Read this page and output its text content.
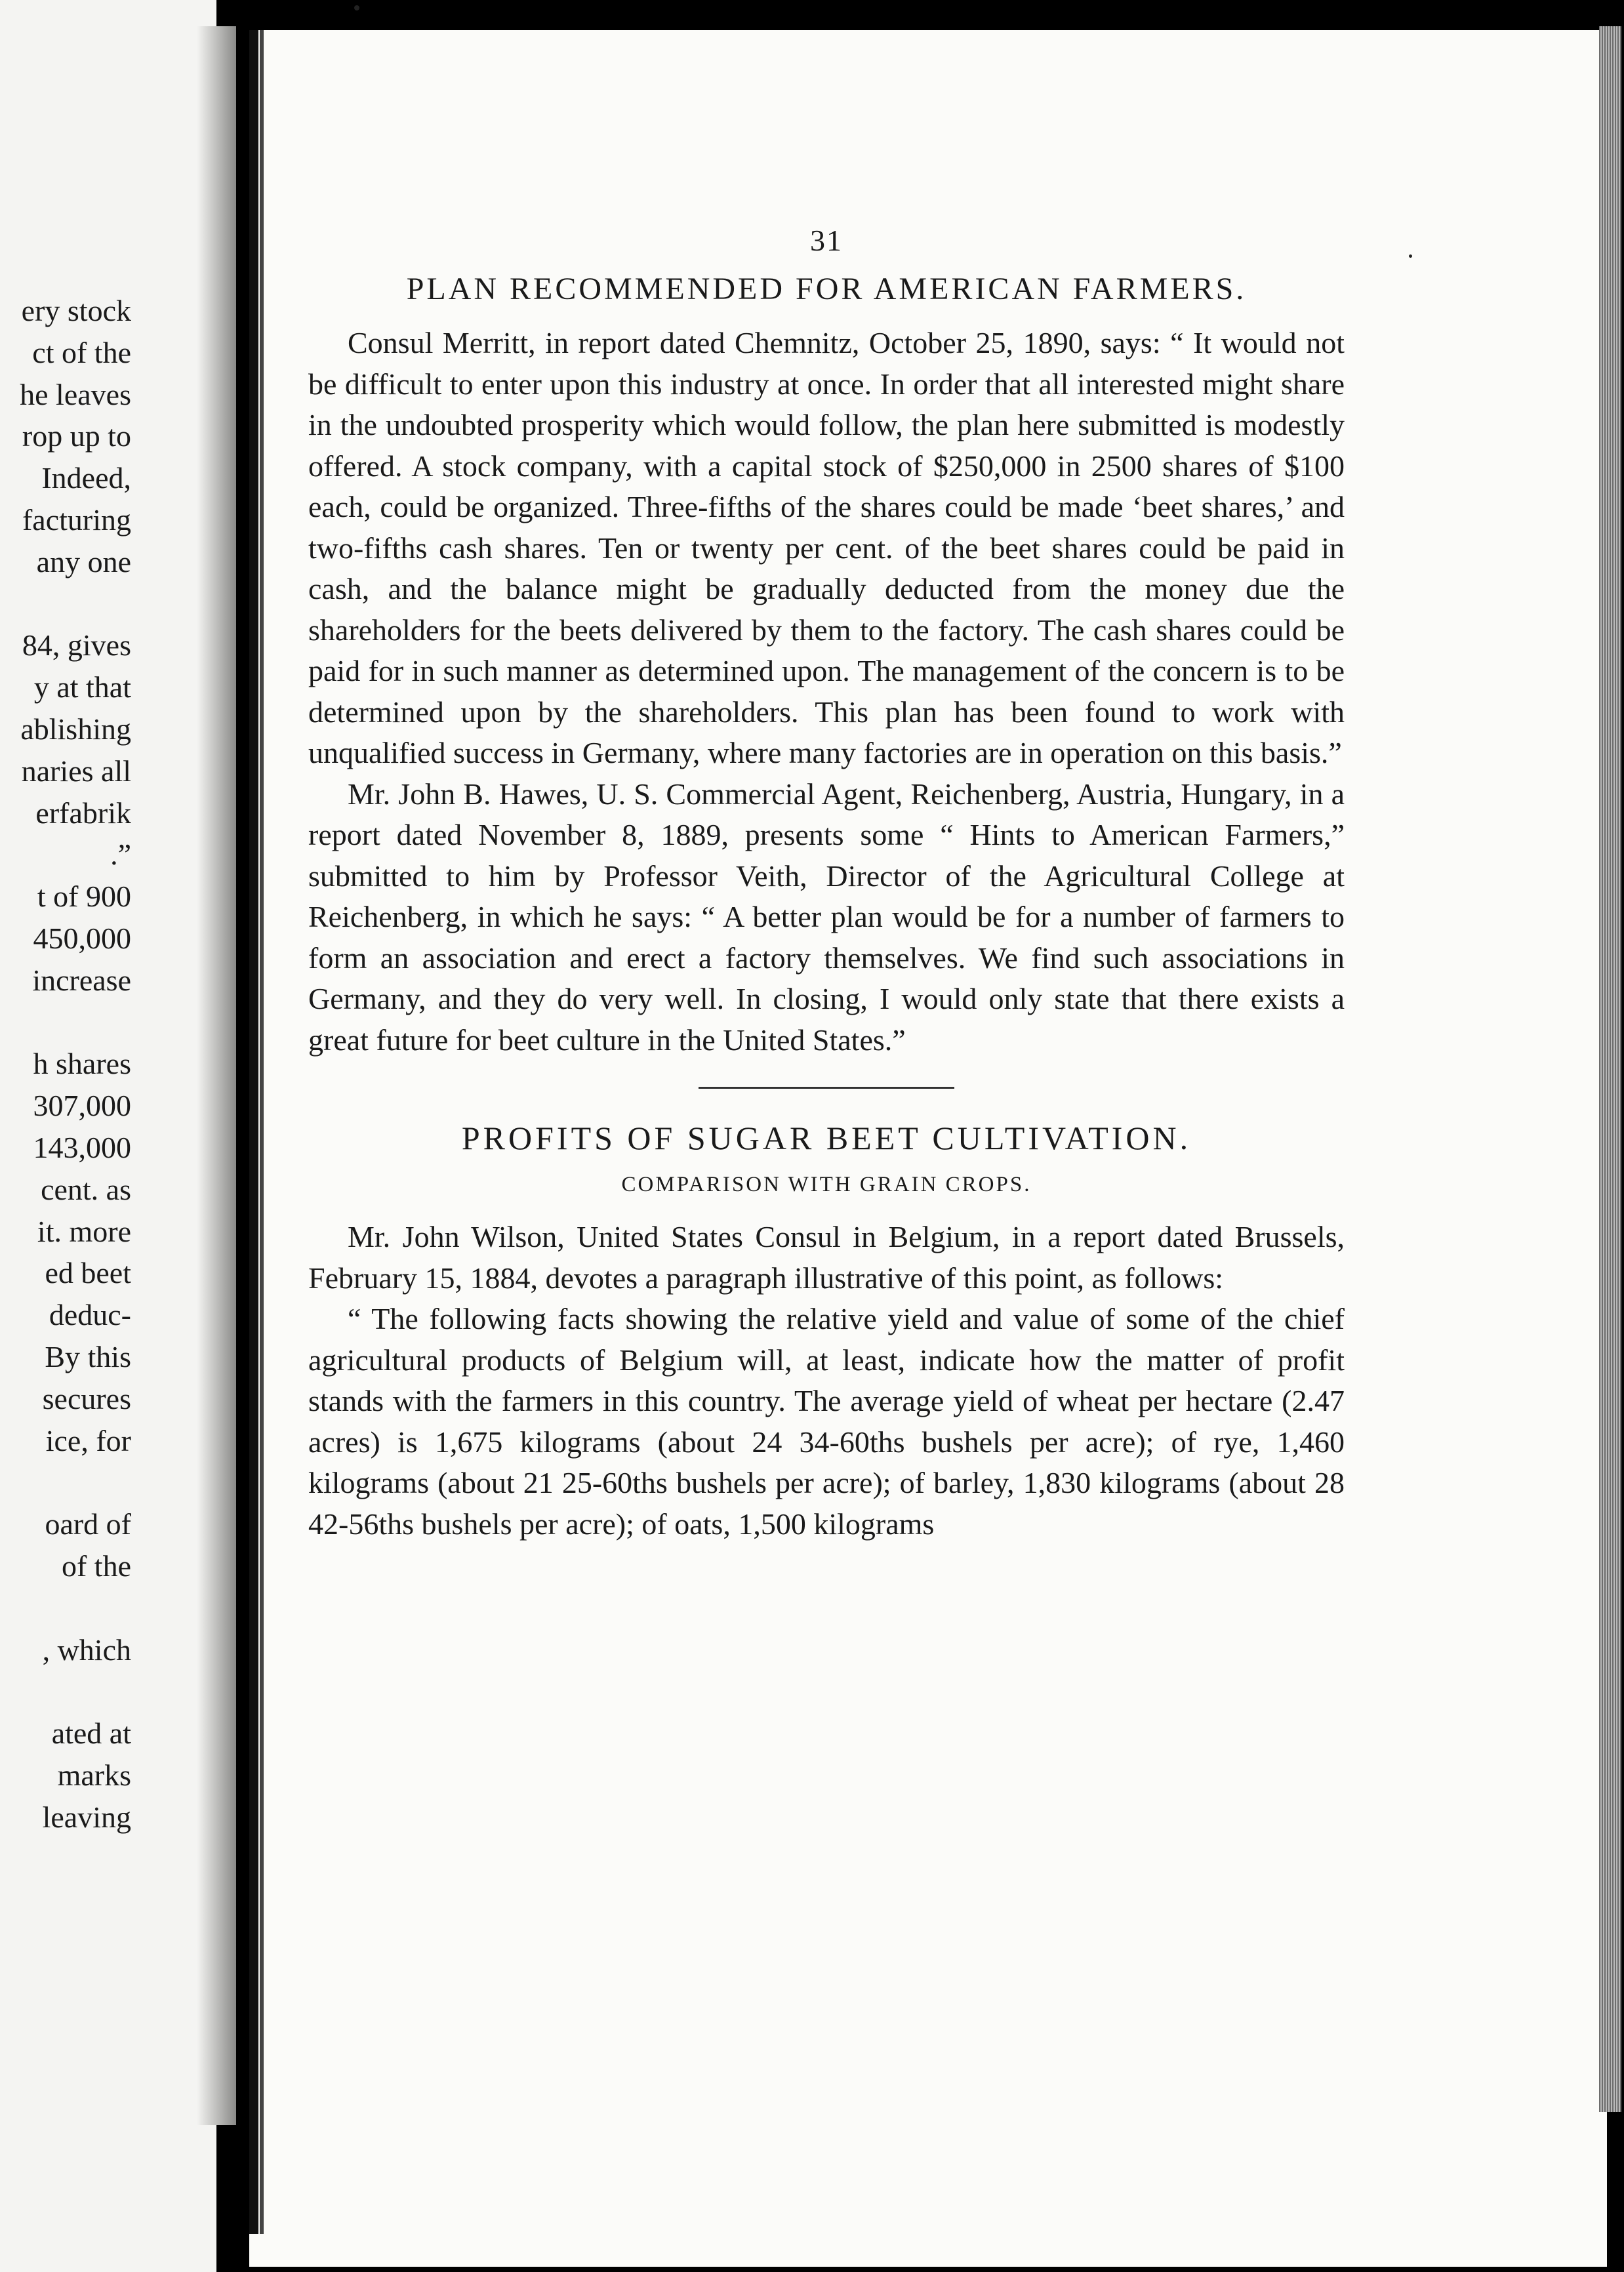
ery stock
ct of the
he leaves
rop up to
Indeed,
facturing
any one
84, gives
y at that
ablishing
naries all
erfabrik
.”
t of 900
450,000
increase
h shares
307,000
143,000
cent. as
it. more
ed beet
deduc-
By this
secures
ice, for
oard of
of the
, which
ated at
marks
leaving
31
PLAN RECOMMENDED FOR AMERICAN FARMERS.

Consul Merritt, in report dated Chemnitz, October 25, 1890, says: “ It would not be difficult to enter upon this industry at once. In order that all interested might share in the undoubted prosperity which would follow, the plan here submitted is modestly offered. A stock company, with a capital stock of $250,000 in 2500 shares of $100 each, could be organized. Three-fifths of the shares could be made ‘beet shares,’ and two-fifths cash shares. Ten or twenty per cent. of the beet shares could be paid in cash, and the balance might be gradually deducted from the money due the shareholders for the beets delivered by them to the factory. The cash shares could be paid for in such manner as determined upon. The management of the concern is to be determined upon by the shareholders. This plan has been found to work with unqualified success in Germany, where many factories are in operation on this basis.”

Mr. John B. Hawes, U. S. Commercial Agent, Reichenberg, Austria, Hungary, in a report dated November 8, 1889, presents some “ Hints to American Farmers,” submitted to him by Professor Veith, Director of the Agricultural College at Reichenberg, in which he says: “ A better plan would be for a number of farmers to form an association and erect a factory themselves. We find such associations in Germany, and they do very well. In closing, I would only state that there exists a great future for beet culture in the United States.”

PROFITS OF SUGAR BEET CULTIVATION.
COMPARISON WITH GRAIN CROPS.

Mr. John Wilson, United States Consul in Belgium, in a report dated Brussels, February 15, 1884, devotes a paragraph illustrative of this point, as follows:

“ The following facts showing the relative yield and value of some of the chief agricultural products of Belgium will, at least, indicate how the matter of profit stands with the farmers in this country. The average yield of wheat per hectare (2.47 acres) is 1,675 kilograms (about 24 34-60ths bushels per acre); of rye, 1,460 kilograms (about 21 25-60ths bushels per acre); of barley, 1,830 kilograms (about 28 42-56ths bushels per acre); of oats, 1,500 kilograms
